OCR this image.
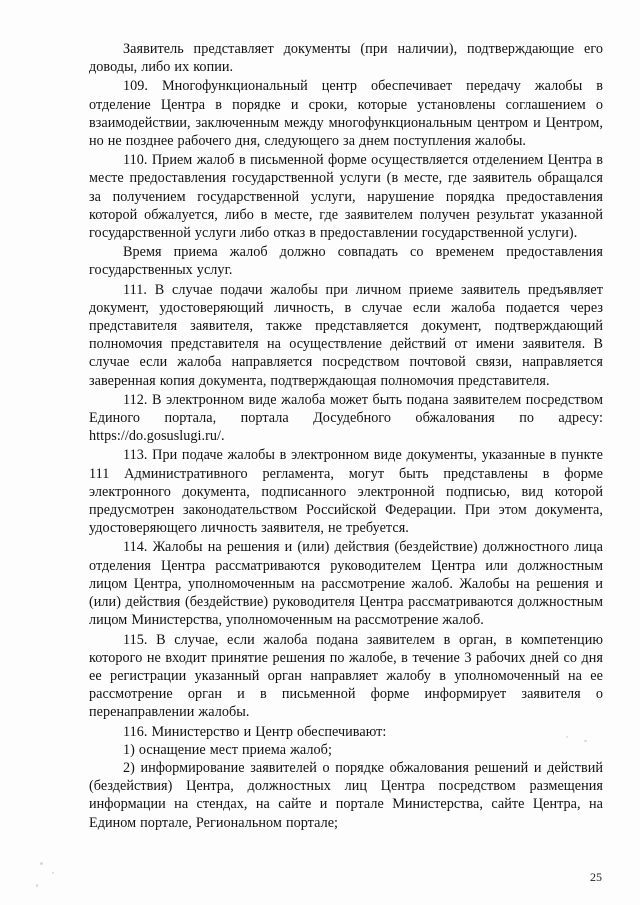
Заявитель представляет документы (при наличии), подтверждающие его доводы, либо их копии.

109. Многофункциональный центр обеспечивает передачу жалобы в отделение Центра в порядке и сроки, которые установлены соглашением о взаимодействии, заключенным между многофункциональным центром и Центром, но не позднее рабочего дня, следующего за днем поступления жалобы.

110. Прием жалоб в письменной форме осуществляется отделением Центра в месте предоставления государственной услуги (в месте, где заявитель обращался за получением государственной услуги, нарушение порядка предоставления которой обжалуется, либо в месте, где заявителем получен результат указанной государственной услуги либо отказ в предоставлении государственной услуги).

Время приема жалоб должно совпадать со временем предоставления государственных услуг.

111. В случае подачи жалобы при личном приеме заявитель предъявляет документ, удостоверяющий личность, в случае если жалоба подается через представителя заявителя, также представляется документ, подтверждающий полномочия представителя на осуществление действий от имени заявителя. В случае если жалоба направляется посредством почтовой связи, направляется заверенная копия документа, подтверждающая полномочия представителя.

112. В электронном виде жалоба может быть подана заявителем посредством Единого портала, портала Досудебного обжалования по адресу: https://do.gosuslugi.ru/.

113. При подаче жалобы в электронном виде документы, указанные в пункте 111 Административного регламента, могут быть представлены в форме электронного документа, подписанного электронной подписью, вид которой предусмотрен законодательством Российской Федерации. При этом документа, удостоверяющего личность заявителя, не требуется.

114. Жалобы на решения и (или) действия (бездействие) должностного лица отделения Центра рассматриваются руководителем Центра или должностным лицом Центра, уполномоченным на рассмотрение жалоб. Жалобы на решения и (или) действия (бездействие) руководителя Центра рассматриваются должностным лицом Министерства, уполномоченным на рассмотрение жалоб.

115. В случае, если жалоба подана заявителем в орган, в компетенцию которого не входит принятие решения по жалобе, в течение 3 рабочих дней со дня ее регистрации указанный орган направляет жалобу в уполномоченный на ее рассмотрение орган и в письменной форме информирует заявителя о перенаправлении жалобы.

116. Министерство и Центр обеспечивают:

1) оснащение мест приема жалоб;

2) информирование заявителей о порядке обжалования решений и действий (бездействия) Центра, должностных лиц Центра посредством размещения информации на стендах, на сайте и портале Министерства, сайте Центра, на Едином портале, Региональном портале;

25
